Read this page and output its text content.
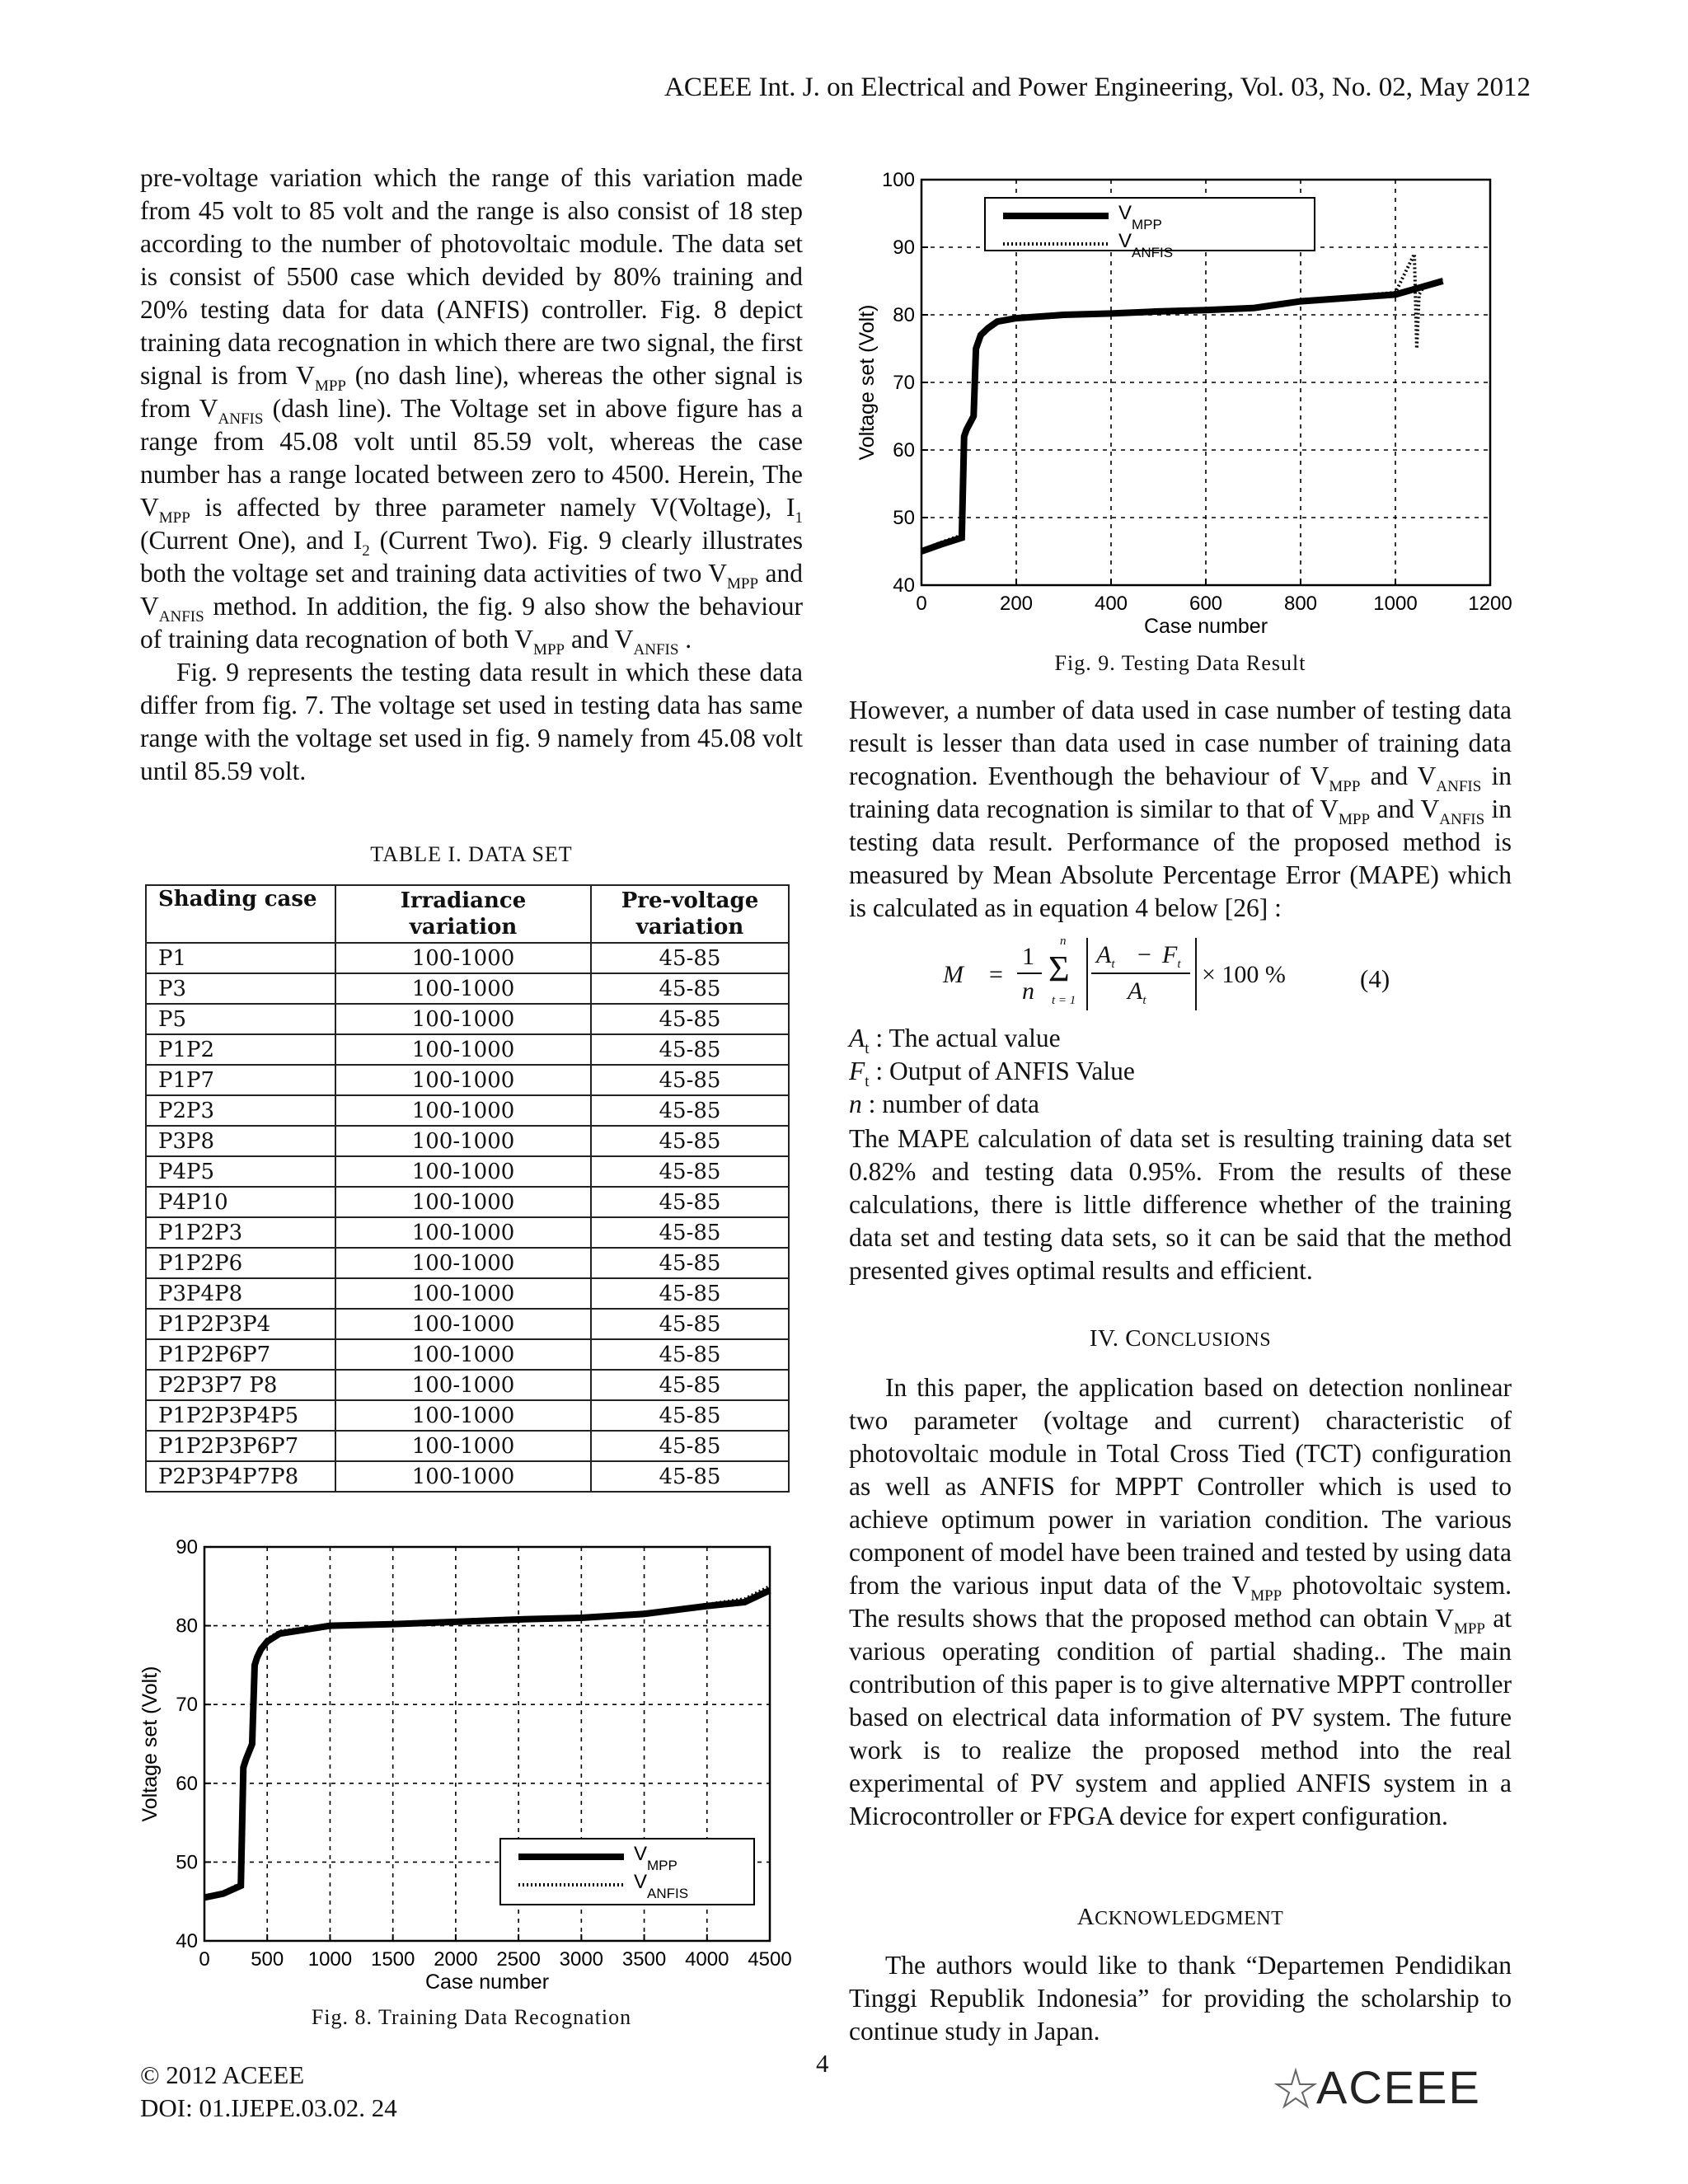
ACEEE Int. J. on Electrical and Power Engineering, Vol. 03, No. 02, May 2012

pre-voltage variation which the range of this variation made from 45 volt to 85 volt and the range is also consist of 18 step according to the number of photovoltaic module. The data set is consist of 5500 case which devided by 80% training and 20% testing data for data (ANFIS) controller. Fig. 8 depict training data recognation in which there are two signal, the first signal is from $V_{MPP}$ (no dash line), whereas the other signal is from $V_{ANFIS}$ (dash line). The Voltage set in above figure has a range from 45.08 volt until 85.59 volt, whereas the case number has a range located between zero to 4500. Herein, The $V_{MPP}$ is affected by three parameter namely V(Voltage), $I_1$ (Current One), and $I_2$ (Current Two). Fig. 9 clearly illustrates both the voltage set and training data activities of two $V_{MPP}$ and $V_{ANFIS}$ method. In addition, the fig. 9 also show the behaviour of training data recognation of both $V_{MPP}$ and $V_{ANFIS}$ .

Fig. 9 represents the testing data result in which these data differ from fig. 7. The voltage set used in testing data has same range with the voltage set used in fig. 9 namely from 45.08 volt until 85.59 volt.

TABLE I. DATA SET
Shading case	Irradiance variation	Pre-voltage variation
P1	100-1000	45-85
P3	100-1000	45-85
P5	100-1000	45-85
P1P2	100-1000	45-85
P1P7	100-1000	45-85
P2P3	100-1000	45-85
P3P8	100-1000	45-85
P4P5	100-1000	45-85
P4P10	100-1000	45-85
P1P2P3	100-1000	45-85
P1P2P6	100-1000	45-85
P3P4P8	100-1000	45-85
P1P2P3P4	100-1000	45-85
P1P2P6P7	100-1000	45-85
P2P3P7 P8	100-1000	45-85
P1P2P3P4P5	100-1000	45-85
P1P2P3P6P7	100-1000	45-85
P2P3P4P7P8	100-1000	45-85
0 500 1000 1500 2000 2500 3000 3500 4000 4500
40
50
60
70
80
90
Case number
Voltage set (Volt)
V
MPP
V
ANFIS
Fig. 8. Training Data Recognation
0	200	400	600	800	1000	1200
40
50
60
70
80
90
100
Case number
Voltage set (Volt)
V
MPP
V
ANFIS
Fig. 9. Testing Data Result

However, a number of data used in case number of testing data result is lesser than data used in case number of training data recognation. Eventhough the behaviour of $V_{MPP}$ and $V_{ANFIS}$ in training data recognation is similar to that of $V_{MPP}$ and $V_{ANFIS}$ in testing data result. Performance of the proposed method is measured by Mean Absolute Percentage Error (MAPE) which is calculated as in equation 4 below [26] :

M =
1
n
n
Σ
t = 1
$A_t - F_t$
$A_t$
× 100 %	(4)
$A_t$ : The actual value
$F_t$ : Output of ANFIS Value
n : number of data

The MAPE calculation of data set is resulting training data set 0.82% and testing data 0.95%. From the results of these calculations, there is little difference whether of the training data set and testing data sets, so it can be said that the method presented gives optimal results and efficient.

IV. CONCLUSIONS

In this paper, the application based on detection nonlinear two parameter (voltage and current) characteristic of photovoltaic module in Total Cross Tied (TCT) configuration as well as ANFIS for MPPT Controller which is used to achieve optimum power in variation condition. The various component of model have been trained and tested by using data from the various input data of the $V_{MPP}$ photovoltaic system. The results shows that the proposed method can obtain $V_{MPP}$ at various operating condition of partial shading.. The main contribution of this paper is to give alternative MPPT controller based on electrical data information of PV system. The future work is to realize the proposed method into the real experimental of PV system and applied ANFIS system in a Microcontroller or FPGA device for expert configuration.

ACKNOWLEDGMENT

The authors would like to thank “Departemen Pendidikan Tinggi Republik Indonesia” for providing the scholarship to continue study in Japan.

© 2012 ACEEE
DOI: 01.IJEPE.03.02. 24
4	ACEEE
